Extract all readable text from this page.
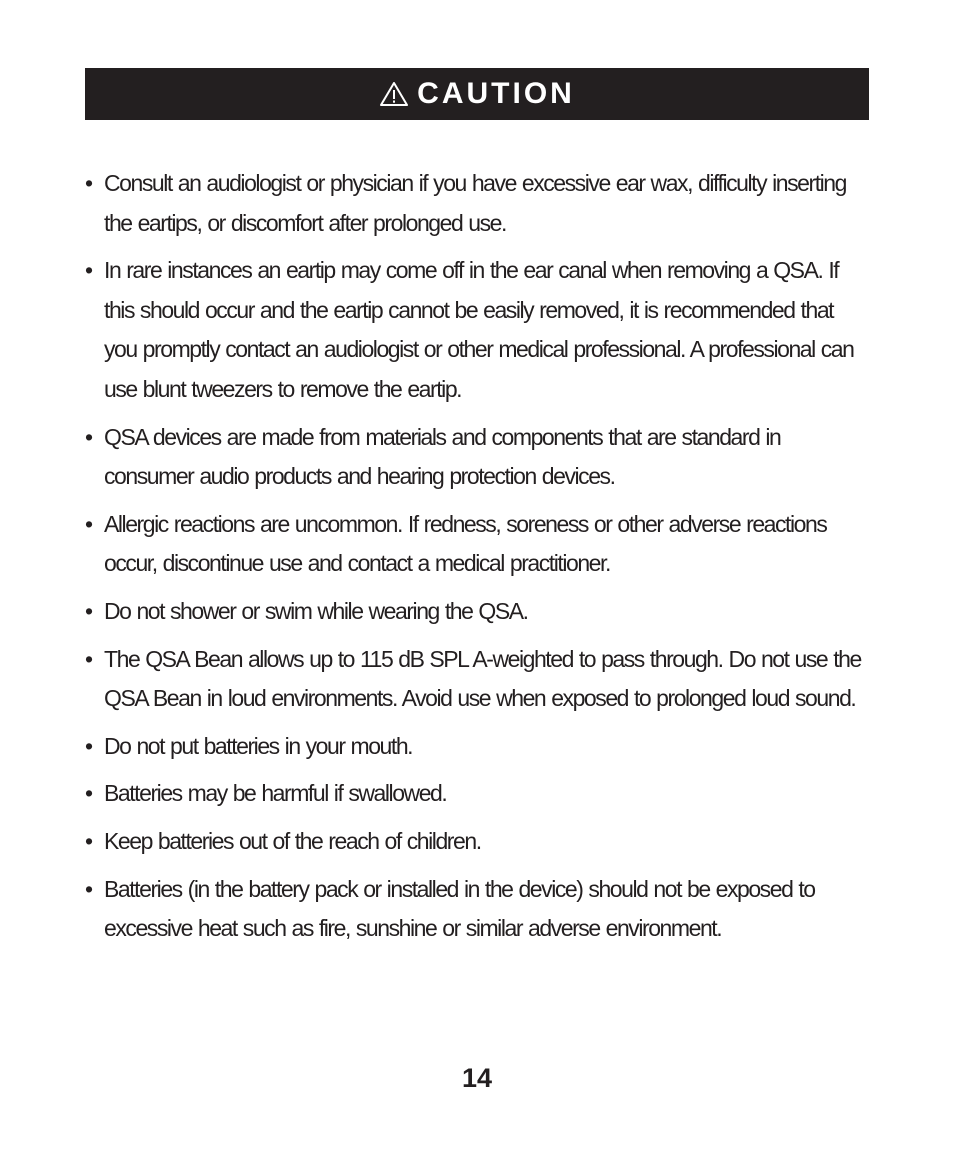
CAUTION
• Consult an audiologist or physician if you have excessive ear wax, difficulty inserting the eartips, or discomfort after prolonged use.
• In rare instances an eartip may come off in the ear canal when removing a QSA. If this should occur and the eartip cannot be easily removed, it is recommended that you promptly contact an audiologist or other medical professional. A professional can use blunt tweezers to remove the eartip.
• QSA devices are made from materials and components that are standard in consumer audio products and hearing protection devices.
• Allergic reactions are uncommon. If redness, soreness or other adverse reactions occur, discontinue use and contact a medical practitioner.
• Do not shower or swim while wearing the QSA.
• The QSA Bean allows up to 115 dB SPL A-weighted to pass through. Do not use the QSA Bean in loud environments. Avoid use when exposed to prolonged loud sound.
• Do not put batteries in your mouth.
• Batteries may be harmful if swallowed.
• Keep batteries out of the reach of children.
• Batteries (in the battery pack or installed in the device) should not be exposed to excessive heat such as fire, sunshine or similar adverse environment.
14
